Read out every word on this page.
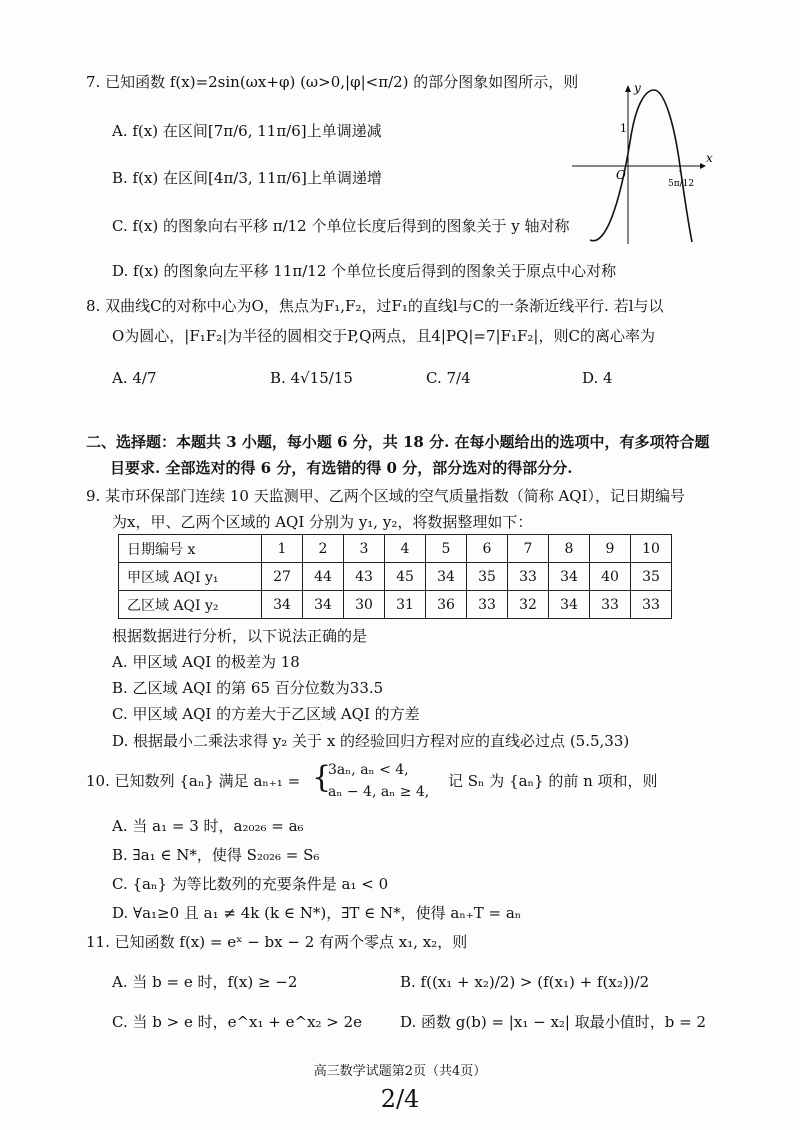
7. 已知函数 f(x)=2sin(ωx+φ) (ω>0,|φ|<π/2) 的部分图象如图所示，则
A. f(x) 在区间[7π/6, 11π/6]上单调递减
B. f(x) 在区间[4π/3, 11π/6]上单调递增
C. f(x) 的图象向右平移 π/12 个单位长度后得到的图象关于 y 轴对称
D. f(x) 的图象向左平移 11π/12 个单位长度后得到的图象关于原点中心对称
y
x
O
1
5π/12
8. 双曲线C的对称中心为O，焦点为F₁,F₂，过F₁的直线l与C的一条渐近线平行. 若l与以
O为圆心，|F₁F₂|为半径的圆相交于P,Q两点，且4|PQ|=7|F₁F₂|，则C的离心率为
A. 4/7	B. 4√15/15	C. 7/4	D. 4
二、选择题：本题共 3 小题，每小题 6 分，共 18 分. 在每小题给出的选项中，有多项符合题
目要求. 全部选对的得 6 分，有选错的得 0 分，部分选对的得部分分.
9. 某市环保部门连续 10 天监测甲、乙两个区域的空气质量指数（简称 AQI），记日期编号
为x，甲、乙两个区域的 AQI 分别为 y₁, y₂，将数据整理如下：
日期编号 x	1	2	3	4	5	6	7	8	9	10
甲区域 AQI y₁	27	44	43	45	34	35	33	34	40	35
乙区域 AQI y₂	34	34	30	31	36	33	32	34	33	33
根据数据进行分析，以下说法正确的是
A. 甲区域 AQI 的极差为 18
B. 乙区域 AQI 的第 65 百分位数为33.5
C. 甲区域 AQI 的方差大于乙区域 AQI 的方差
D. 根据最小二乘法求得 y₂ 关于 x 的经验回归方程对应的直线必过点 (5.5,33)
10. 已知数列 {aₙ} 满足 aₙ₊₁ = {
3aₙ, aₙ < 4,
aₙ − 4, aₙ ≥ 4,
记 Sₙ 为 {aₙ} 的前 n 项和，则
A. 当 a₁ = 3 时，a₂₀₂₆ = a₆
B. ∃a₁ ∈ N*，使得 S₂₀₂₆ = S₆
C. {aₙ} 为等比数列的充要条件是 a₁ < 0
D. ∀a₁≥0 且 a₁ ≠ 4k (k ∈ N*)，∃T ∈ N*，使得 aₙ₊T = aₙ
11. 已知函数 f(x) = eˣ − bx − 2 有两个零点 x₁, x₂，则
A. 当 b = e 时，f(x) ≥ −2	B. f((x₁ + x₂)/2) > (f(x₁) + f(x₂))/2
C. 当 b > e 时，e^x₁ + e^x₂ > 2e	D. 函数 g(b) = |x₁ − x₂| 取最小值时，b = 2
高三数学试题第2页（共4页）
2/4
